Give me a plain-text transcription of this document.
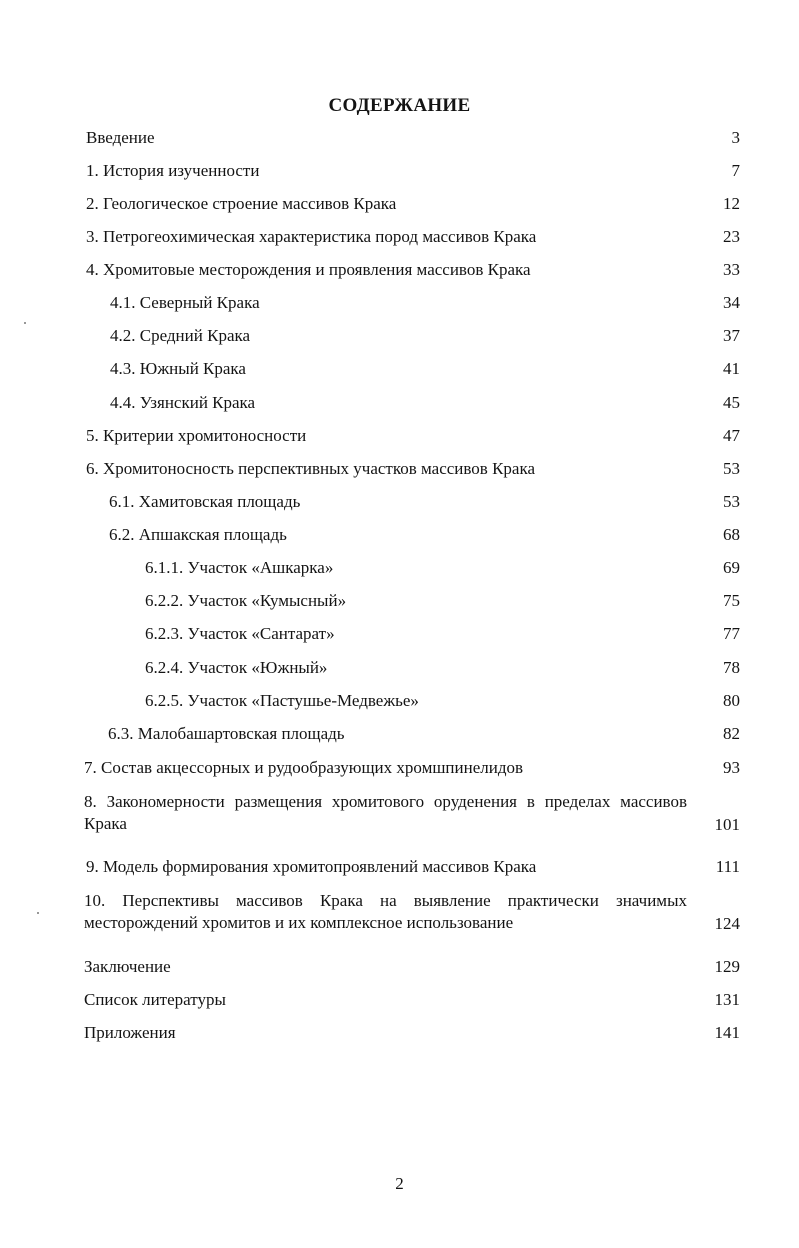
СОДЕРЖАНИЕ
Введение	3
1. История изученности	7
2. Геологическое строение массивов Крака	12
3. Петрогеохимическая характеристика пород массивов Крака	23
4. Хромитовые месторождения и проявления массивов Крака	33
4.1. Северный Крака	34
4.2. Средний Крака	37
4.3. Южный Крака	41
4.4. Узянский Крака	45
5. Критерии хромитоносности	47
6. Хромитоносность перспективных участков массивов Крака	53
6.1. Хамитовская площадь	53
6.2. Апшакская площадь	68
6.1.1. Участок «Ашкарка»	69
6.2.2. Участок «Кумысный»	75
6.2.3. Участок «Сантарат»	77
6.2.4. Участок «Южный»	78
6.2.5. Участок «Пастушье-Медвежье»	80
6.3. Малобашартовская площадь	82
7. Состав акцессорных и рудообразующих хромшпинелидов	93
8. Закономерности размещения хромитового оруденения в пределах массивов Крака	101
9. Модель формирования хромитопроявлений массивов Крака	111
10. Перспективы массивов Крака на выявление практически значимых месторождений хромитов и их комплексное использование	124
Заключение	129
Список литературы	131
Приложения	141
2
